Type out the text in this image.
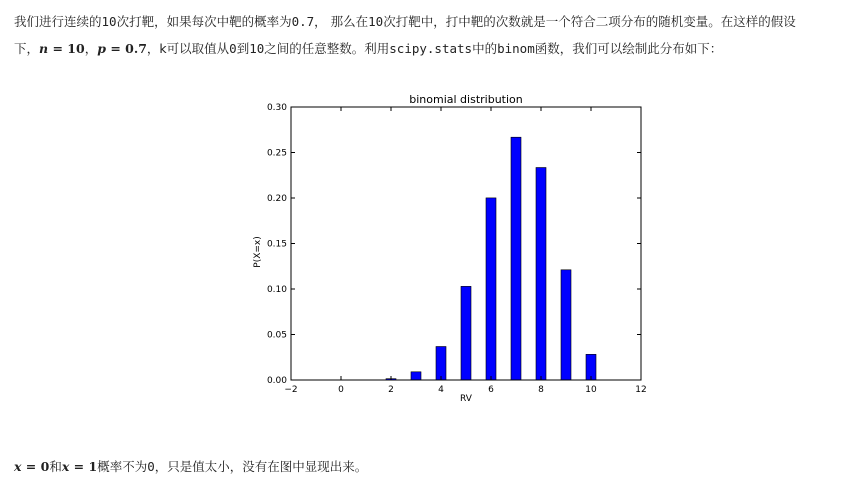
我们进行连续的10次打靶，如果每次中靶的概率为0.7， 那么在10次打靶中，打中靶的次数就是一个符合二项分布的随机变量。在这样的假设
下，n = 10，p = 0.7，k可以取值从0到10之间的任意整数。利用scipy.stats中的binom函数，我们可以绘制此分布如下：
binomial distribution
P(X=x)
RV
−2	0	2	4	6	8	10	12
0.00
0.05
0.10
0.15
0.20
0.25
0.30
x = 0和x = 1概率不为0，只是值太小，没有在图中显现出来。
